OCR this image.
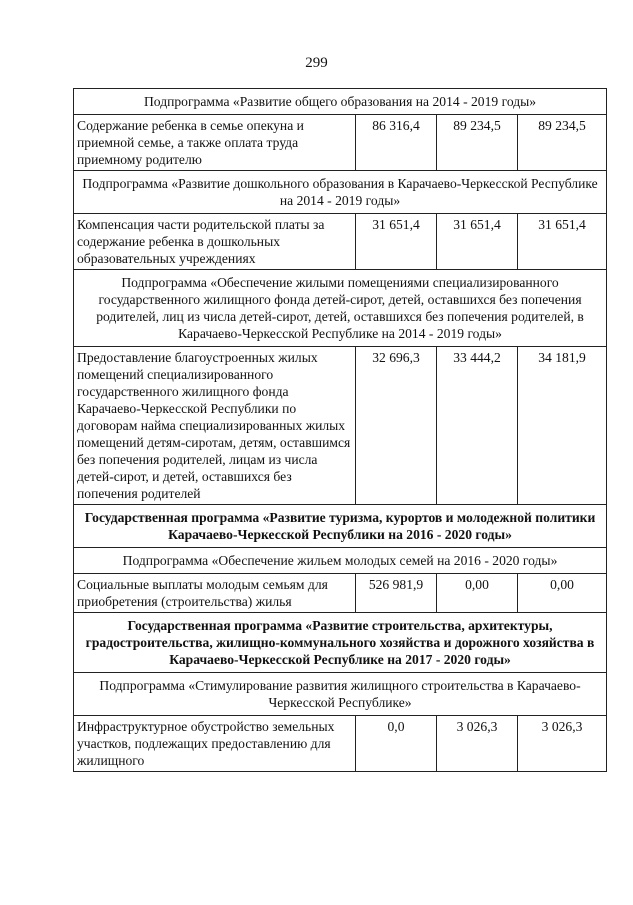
299
Подпрограмма «Развитие общего образования на 2014 - 2019 годы»			
Содержание ребенка в семье опекуна и приемной семье, а также оплата труда приемному родителю	86 316,4	89 234,5	89 234,5
Подпрограмма «Развитие дошкольного образования в Карачаево-Черкесской Республике на 2014 - 2019 годы»			
Компенсация части родительской платы за содержание ребенка в дошкольных образовательных учреждениях	31 651,4	31 651,4	31 651,4
Подпрограмма «Обеспечение жилыми помещениями специализированного государственного жилищного фонда детей-сирот, детей, оставшихся без попечения родителей, лиц из числа детей-сирот, детей, оставшихся без попечения родителей, в Карачаево-Черкесской Республике на 2014 - 2019 годы»			
Предоставление благоустроенных жилых помещений специализированного государственного жилищного фонда Карачаево-Черкесской Республики по договорам найма специализированных жилых помещений детям-сиротам, детям, оставшимся без попечения родителей, лицам из числа детей-сирот, и детей, оставшихся без попечения родителей	32 696,3	33 444,2	34 181,9
Государственная программа «Развитие туризма, курортов и молодежной политики Карачаево-Черкесской Республики на 2016 - 2020 годы»			
Подпрограмма «Обеспечение жильем молодых семей на 2016 - 2020 годы»			
Социальные выплаты молодым семьям для приобретения (строительства) жилья	526 981,9	0,00	0,00
Государственная программа «Развитие строительства, архитектуры, градостроительства, жилищно-коммунального хозяйства и дорожного хозяйства в Карачаево-Черкесской Республике на 2017 - 2020 годы»			
Подпрограмма «Стимулирование развития жилищного строительства в Карачаево-Черкесской Республике»			
Инфраструктурное обустройство земельных участков, подлежащих предоставлению для жилищного	0,0	3 026,3	3 026,3
